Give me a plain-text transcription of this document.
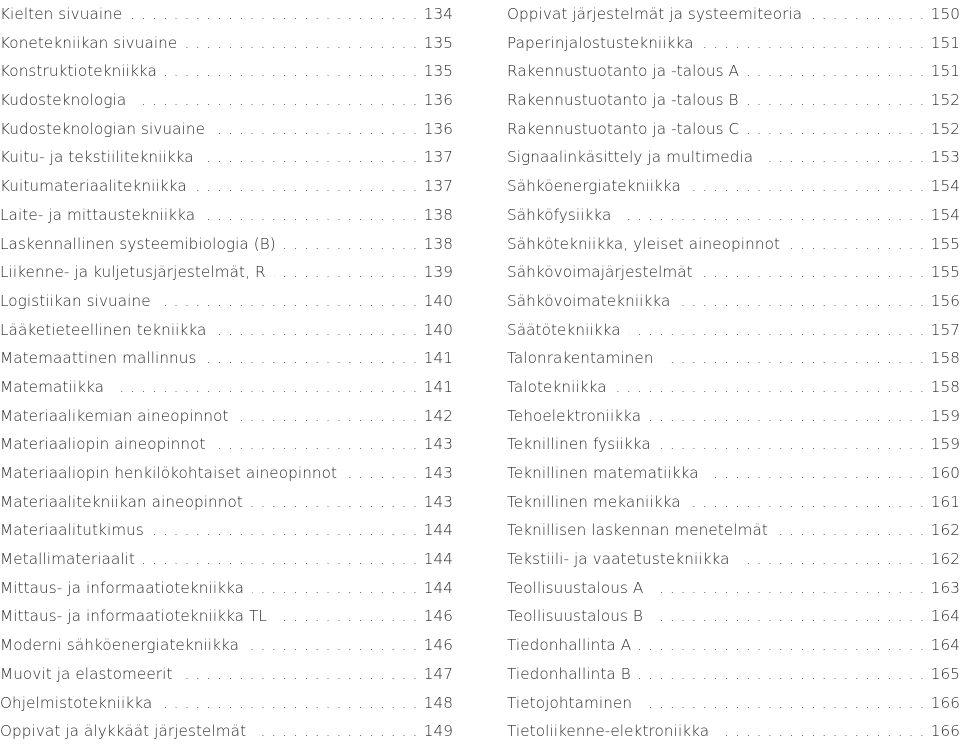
Kielten sivuaine	134
. . .
Konetekniikan sivuaine	135
. . .
Konstruktiotekniikka	135
. . .
Kudosteknologia	136
. . .
Kudosteknologian sivuaine	136
. . .
Kuitu- ja tekstiilitekniikka	137
. . .
Kuitumateriaalitekniikka	137
. . .
Laite- ja mittaustekniikka	138
. . .
Laskennallinen systeemibiologia (B)	138
. . .
Liikenne- ja kuljetusjärjestelmät, R	139
. . .
Logistiikan sivuaine	140
. . .
Lääketieteellinen tekniikka	140
. . .
Matemaattinen mallinnus	141
. . .
Matematiikka	141
. . .
Materiaalikemian aineopinnot	142
. . .
Materiaaliopin aineopinnot	143
. . .
Materiaaliopin henkilökohtaiset aineopinnot	143
. . .
Materiaalitekniikan aineopinnot	143
. . .
Materiaalitutkimus	144
. . .
Metallimateriaalit	144
. . .
Mittaus- ja informaatiotekniikka	144
. . .
Mittaus- ja informaatiotekniikka TL	146
. . .
Moderni sähköenergiatekniikka	146
. . .
Muovit ja elastomeerit	147
. . .
Ohjelmistotekniikka	148
. . .
Oppivat ja älykkäät järjestelmät	149
. . .
Oppivat järjestelmät ja systeemiteoria	150
. . .
Paperinjalostustekniikka	151
. . .
Rakennustuotanto ja -talous A	151
. . .
Rakennustuotanto ja -talous B	152
. . .
Rakennustuotanto ja -talous C	152
. . .
Signaalinkäsittely ja multimedia	153
. . .
Sähköenergiatekniikka	154
. . .
Sähköfysiikka	154
. . .
Sähkötekniikka, yleiset aineopinnot	155
. . .
Sähkövoimajärjestelmät	155
. . .
Sähkövoimatekniikka	156
. . .
Säätötekniikka	157
. . .
Talonrakentaminen	158
. . .
Talotekniikka	158
. . .
Tehoelektroniikka	159
. . .
Teknillinen fysiikka	159
. . .
Teknillinen matematiikka	160
. . .
Teknillinen mekaniikka	161
. . .
Teknillisen laskennan menetelmät	162
. . .
Tekstiili- ja vaatetustekniikka	162
. . .
Teollisuustalous A	163
. . .
Teollisuustalous B	164
. . .
Tiedonhallinta A	164
. . .
Tiedonhallinta B	165
. . .
Tietojohtaminen	166
. . .
Tietoliikenne-elektroniikka	166
. . .
